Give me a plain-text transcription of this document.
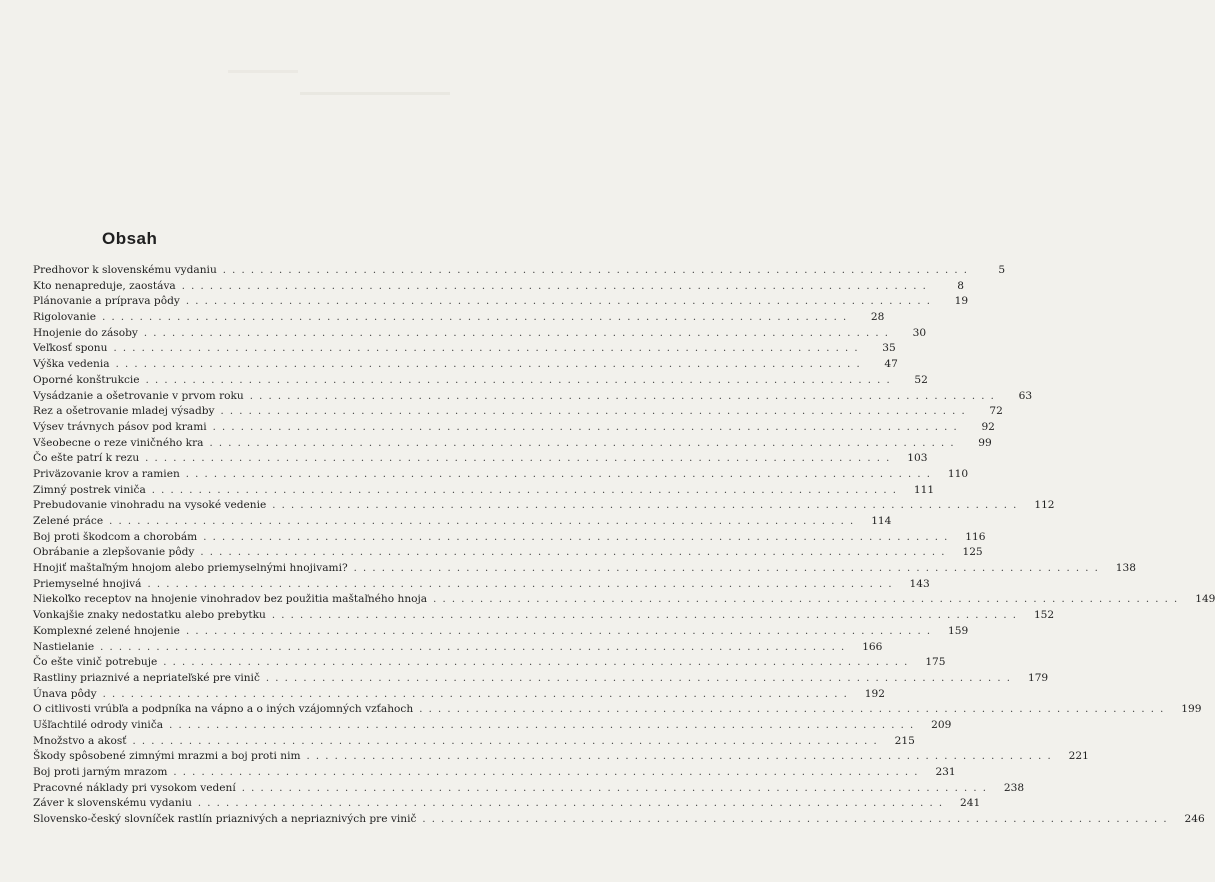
Obsah
Predhovor k slovenskému vydaniu ................................................................................	5
Kto nenapreduje, zaostáva ................................................................................	8
Plánovanie a príprava pôdy ................................................................................	19
Rigolovanie ................................................................................	28
Hnojenie do zásoby ................................................................................	30
Veľkosť sponu ................................................................................	35
Výška vedenia ................................................................................	47
Oporné konštrukcie ................................................................................	52
Vysádzanie a ošetrovanie v prvom roku ................................................................................	63
Rez a ošetrovanie mladej výsadby ................................................................................	72
Výsev trávnych pásov pod krami ................................................................................	92
Všeobecne o reze viničného kra ................................................................................	99
Čo ešte patrí k rezu ................................................................................	103
Priväzovanie krov a ramien ................................................................................	110
Zimný postrek viniča ................................................................................	111
Prebudovanie vinohradu na vysoké vedenie ................................................................................	112
Zelené práce ................................................................................	114
Boj proti škodcom a chorobám ................................................................................	116
Obrábanie a zlepšovanie pôdy ................................................................................	125
Hnojiť maštaľným hnojom alebo priemyselnými hnojivami? ................................................................................	138
Priemyselné hnojivá ................................................................................	143
Niekoľko receptov na hnojenie vinohradov bez použitia maštaľného hnoja ................................................................................	149
Vonkajšie znaky nedostatku alebo prebytku ................................................................................	152
Komplexné zelené hnojenie ................................................................................	159
Nastielanie ................................................................................	166
Čo ešte vinič potrebuje ................................................................................	175
Rastliny priaznivé a nepriateľské pre vinič ................................................................................	179
Únava pôdy ................................................................................	192
O citlivosti vrúbľa a podpníka na vápno a o iných vzájomných vzťahoch ................................................................................	199
Ušľachtilé odrody viniča ................................................................................	209
Množstvo a akosť ................................................................................	215
Škody spôsobené zimnými mrazmi a boj proti nim ................................................................................	221
Boj proti jarným mrazom ................................................................................	231
Pracovné náklady pri vysokom vedení ................................................................................	238
Záver k slovenskému vydaniu ................................................................................	241
Slovensko-český slovníček rastlín priaznivých a nepriaznivých pre vinič ................................................................................	246
